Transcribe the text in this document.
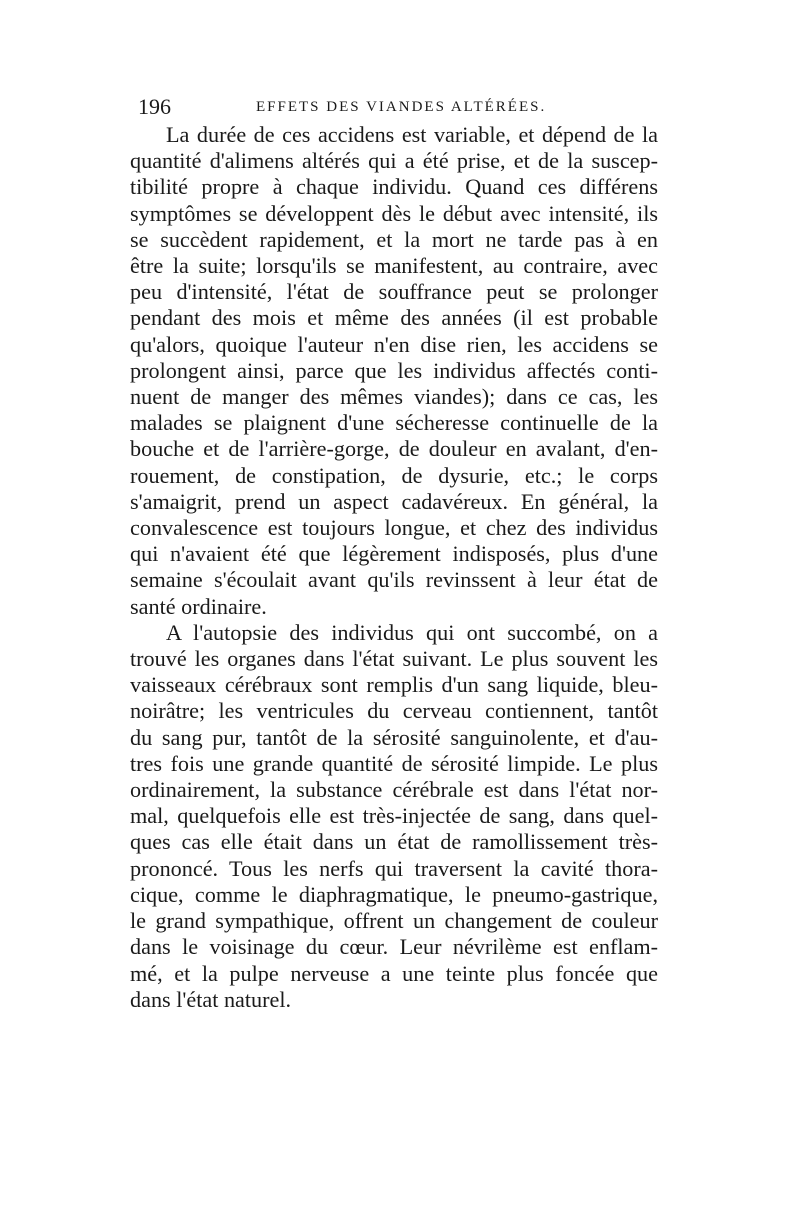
196	EFFETS DES VIANDES ALTÉRÉES.
La durée de ces accidens est variable, et dépend de la
quantité d'alimens altérés qui a été prise, et de la suscep-
tibilité propre à chaque individu. Quand ces différens
symptômes se développent dès le début avec intensité, ils
se succèdent rapidement, et la mort ne tarde pas à en
être la suite; lorsqu'ils se manifestent, au contraire, avec
peu d'intensité, l'état de souffrance peut se prolonger
pendant des mois et même des années (il est probable
qu'alors, quoique l'auteur n'en dise rien, les accidens se
prolongent ainsi, parce que les individus affectés conti-
nuent de manger des mêmes viandes); dans ce cas, les
malades se plaignent d'une sécheresse continuelle de la
bouche et de l'arrière-gorge, de douleur en avalant, d'en-
rouement, de constipation, de dysurie, etc.; le corps
s'amaigrit, prend un aspect cadavéreux. En général, la
convalescence est toujours longue, et chez des individus
qui n'avaient été que légèrement indisposés, plus d'une
semaine s'écoulait avant qu'ils revinssent à leur état de
santé ordinaire.
A l'autopsie des individus qui ont succombé, on a
trouvé les organes dans l'état suivant. Le plus souvent les
vaisseaux cérébraux sont remplis d'un sang liquide, bleu-
noirâtre; les ventricules du cerveau contiennent, tantôt
du sang pur, tantôt de la sérosité sanguinolente, et d'au-
tres fois une grande quantité de sérosité limpide. Le plus
ordinairement, la substance cérébrale est dans l'état nor-
mal, quelquefois elle est très-injectée de sang, dans quel-
ques cas elle était dans un état de ramollissement très-
prononcé. Tous les nerfs qui traversent la cavité thora-
cique, comme le diaphragmatique, le pneumo-gastrique,
le grand sympathique, offrent un changement de couleur
dans le voisinage du cœur. Leur névrilème est enflam-
mé, et la pulpe nerveuse a une teinte plus foncée que
dans l'état naturel.
